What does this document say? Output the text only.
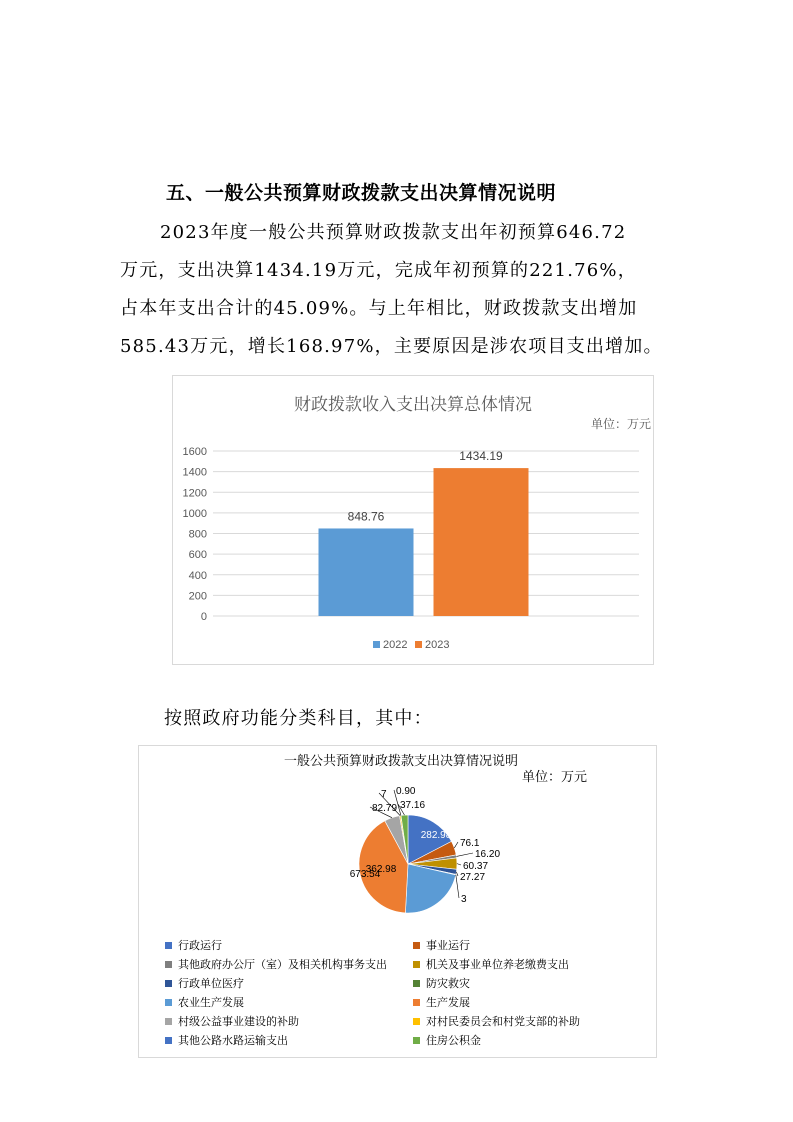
五、一般公共预算财政拨款支出决算情况说明
2023年度一般公共预算财政拨款支出年初预算646.72
万元，支出决算1434.19万元，完成年初预算的221.76%，
占本年支出合计的45.09%。与上年相比，财政拨款支出增加
585.43万元，增长168.97%，主要原因是涉农项目支出增加。
财政拨款收入支出决算总体情况
单位：万元
0
200
400
600
800
1000
1200
1400
1600
848.76
1434.19
2022 2023
按照政府功能分类科目，其中：
一般公共预算财政拨款支出决算情况说明
单位：万元
282.98
76.1
16.20
60.37
27.27
3
362.98
673.54
82.79
7 0.90
37.16
行政运行	事业运行
其他政府办公厅（室）及相关机构事务支出	机关及事业单位养老缴费支出
行政单位医疗	防灾救灾
农业生产发展	生产发展
村级公益事业建设的补助	对村民委员会和村党支部的补助
其他公路水路运输支出	住房公积金
